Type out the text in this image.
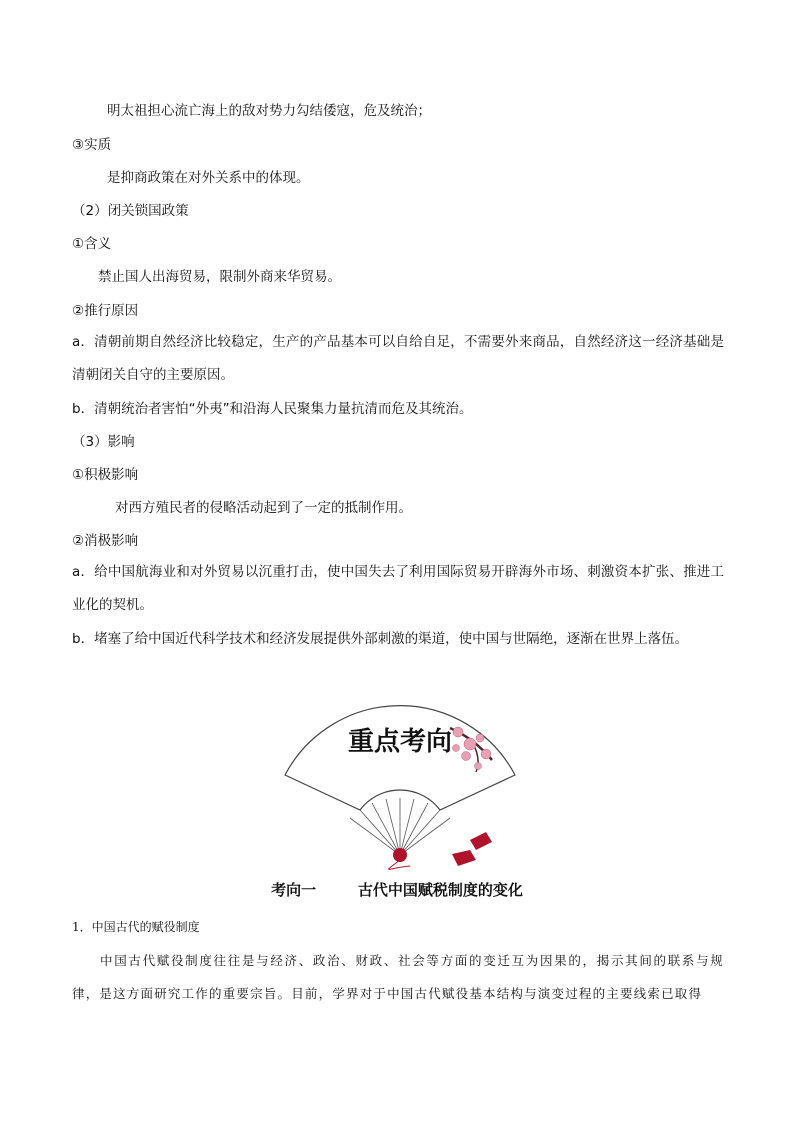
明太祖担心流亡海上的敌对势力勾结倭寇，危及统治；
③实质
是抑商政策在对外关系中的体现。
（2）闭关锁国政策
①含义
禁止国人出海贸易，限制外商来华贸易。
②推行原因
a．清朝前期自然经济比较稳定，生产的产品基本可以自给自足，不需要外来商品，自然经济这一经济基础是清朝闭关自守的主要原因。
b．清朝统治者害怕“外夷”和沿海人民聚集力量抗清而危及其统治。
（3）影响
①积极影响
对西方殖民者的侵略活动起到了一定的抵制作用。
②消极影响
a．给中国航海业和对外贸易以沉重打击，使中国失去了利用国际贸易开辟海外市场、刺激资本扩张、推进工业化的契机。
b．堵塞了给中国近代科学技术和经济发展提供外部刺激的渠道，使中国与世隔绝，逐渐在世界上落伍。
重点考向
考向一        古代中国赋税制度的变化
1．中国古代的赋役制度
中国古代赋役制度往往是与经济、政治、财政、社会等方面的变迁互为因果的，揭示其间的联系与规律，是这方面研究工作的重要宗旨。目前，学界对于中国古代赋役基本结构与演变过程的主要线索已取得
